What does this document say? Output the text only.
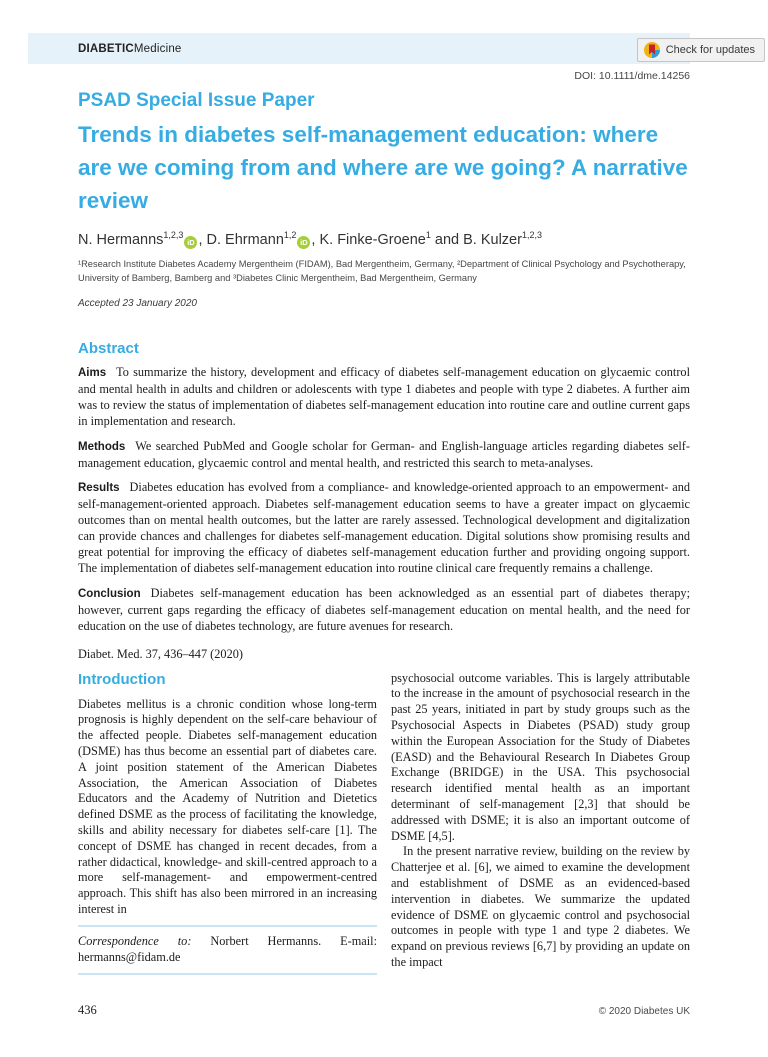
Check for updates
DIABETICMedicine
DOI: 10.1111/dme.14256
PSAD Special Issue Paper
Trends in diabetes self-management education: where are we coming from and where are we going? A narrative review
N. Hermanns$^{1,2,3}$iD , D. Ehrmann$^{1,2}$iD , K. Finke-Groene$^1$ and B. Kulzer$^{1,2,3}$

¹Research Institute Diabetes Academy Mergentheim (FIDAM), Bad Mergentheim, Germany, ²Department of Clinical Psychology and Psychotherapy, University of Bamberg, Bamberg and ³Diabetes Clinic Mergentheim, Bad Mergentheim, Germany

Accepted 23 January 2020

Abstract

Aims To summarize the history, development and efficacy of diabetes self-management education on glycaemic control and mental health in adults and children or adolescents with type 1 diabetes and people with type 2 diabetes. A further aim was to review the status of implementation of diabetes self-management education into routine care and outline current gaps in implementation and research.

Methods We searched PubMed and Google scholar for German- and English-language articles regarding diabetes self-management education, glycaemic control and mental health, and restricted this search to meta-analyses.

Results Diabetes education has evolved from a compliance- and knowledge-oriented approach to an empowerment- and self-management-oriented approach. Diabetes self-management education seems to have a greater impact on glycaemic outcomes than on mental health outcomes, but the latter are rarely assessed. Technological development and digitalization can provide chances and challenges for diabetes self-management education. Digital solutions show promising results and great potential for improving the efficacy of diabetes self-management education further and providing ongoing support. The implementation of diabetes self-management education into routine clinical care frequently remains a challenge.

Conclusion Diabetes self-management education has been acknowledged as an essential part of diabetes therapy; however, current gaps regarding the efficacy of diabetes self-management education on mental health, and the need for education on the use of diabetes technology, are future avenues for research.

Diabet. Med. 37, 436–447 (2020)

Introduction

Diabetes mellitus is a chronic condition whose long-term prognosis is highly dependent on the self-care behaviour of the affected people. Diabetes self-management education (DSME) has thus become an essential part of diabetes care. A joint position statement of the American Diabetes Association, the American Association of Diabetes Educators and the Academy of Nutrition and Dietetics defined DSME as the process of facilitating the knowledge, skills and ability necessary for diabetes self-care [1]. The concept of DSME has changed in recent decades, from a rather didactical, knowledge- and skill-centred approach to a more self-management- and empowerment-centred approach. This shift has also been mirrored in an increasing interest in

Correspondence to: Norbert Hermanns. E-mail: hermanns@fidam.de

psychosocial outcome variables. This is largely attributable to the increase in the amount of psychosocial research in the past 25 years, initiated in part by study groups such as the Psychosocial Aspects in Diabetes (PSAD) study group within the European Association for the Study of Diabetes (EASD) and the Behavioural Research In Diabetes Group Exchange (BRIDGE) in the USA. This psychosocial research identified mental health as an important determinant of self-management [2,3] that should be addressed with DSME; it is also an important outcome of DSME [4,5].

In the present narrative review, building on the review by Chatterjee et al. [6], we aimed to examine the development and establishment of DSME as an evidenced-based intervention in diabetes. We summarize the updated evidence of DSME on glycaemic control and psychosocial outcomes in people with type 1 and type 2 diabetes. We expand on previous reviews [6,7] by providing an update on the impact

436	© 2020 Diabetes UK
